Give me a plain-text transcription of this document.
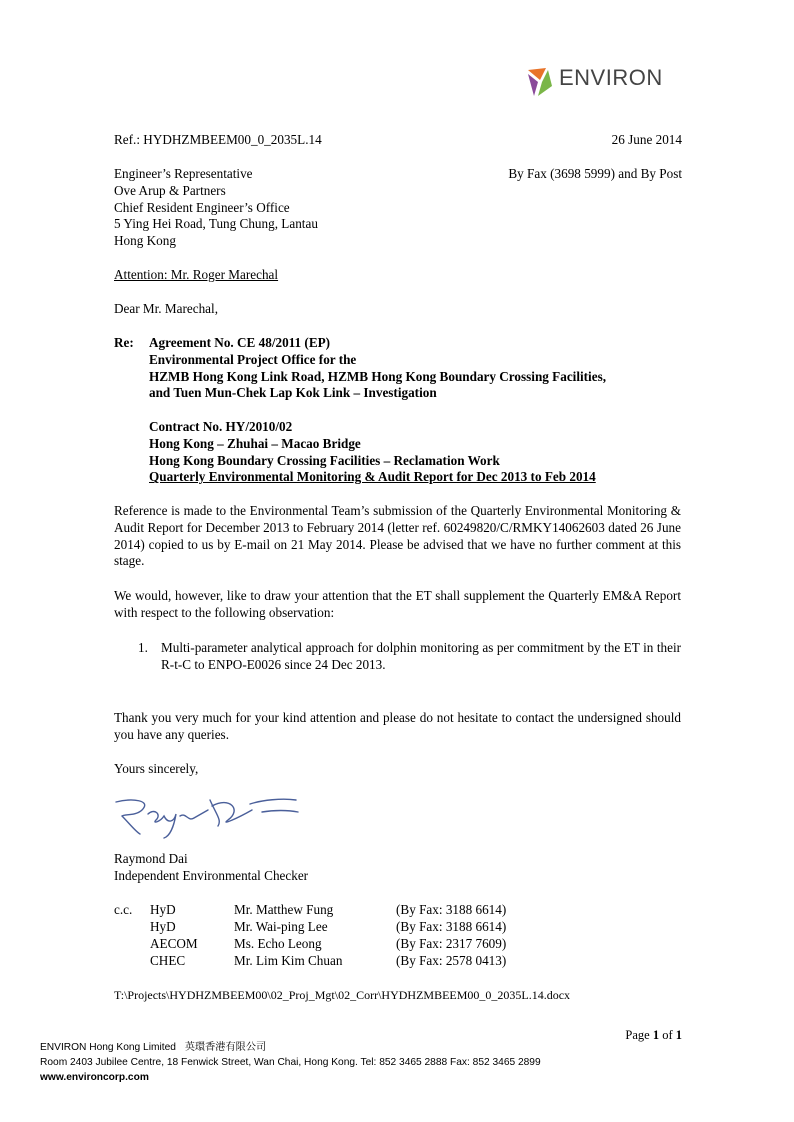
ENVIRON
Ref.: HYDHZMBEEM00_0_2035L.14	26 June 2014
Engineer’s Representative
Ove Arup & Partners
Chief Resident Engineer’s Office
5 Ying Hei Road, Tung Chung, Lantau
Hong Kong
By Fax (3698 5999) and By Post
Attention: Mr. Roger Marechal
Dear Mr. Marechal,
Re: Agreement No. CE 48/2011 (EP)
Environmental Project Office for the
HZMB Hong Kong Link Road, HZMB Hong Kong Boundary Crossing Facilities,
and Tuen Mun-Chek Lap Kok Link – Investigation
Contract No. HY/2010/02
Hong Kong – Zhuhai – Macao Bridge
Hong Kong Boundary Crossing Facilities – Reclamation Work
Quarterly Environmental Monitoring & Audit Report for Dec 2013 to Feb 2014
Reference is made to the Environmental Team’s submission of the Quarterly Environmental Monitoring & Audit Report for December 2013 to February 2014 (letter ref. 60249820/C/RMKY14062603 dated 26 June 2014) copied to us by E-mail on 21 May 2014. Please be advised that we have no further comment at this stage.
We would, however, like to draw your attention that the ET shall supplement the Quarterly EM&A Report with respect to the following observation:
1. Multi-parameter analytical approach for dolphin monitoring as per commitment by the ET in their R-t-C to ENPO-E0026 since 24 Dec 2013.
Thank you very much for your kind attention and please do not hesitate to contact the undersigned should you have any queries.
Yours sincerely,
Raymond Dai
Independent Environmental Checker
c.c. HyD	Mr. Matthew Fung	(By Fax: 3188 6614)
HyD	Mr. Wai-ping Lee	(By Fax: 3188 6614)
AECOM	Ms. Echo Leong	(By Fax: 2317 7609)
CHEC	Mr. Lim Kim Chuan	(By Fax: 2578 0413)
T:\Projects\HYDHZMBEEM00\02_Proj_Mgt\02_Corr\HYDHZMBEEM00_0_2035L.14.docx
Page 1 of 1
ENVIRON Hong Kong Limited 英環香港有限公司
Room 2403 Jubilee Centre, 18 Fenwick Street, Wan Chai, Hong Kong. Tel: 852 3465 2888 Fax: 852 3465 2899
www.environcorp.com
